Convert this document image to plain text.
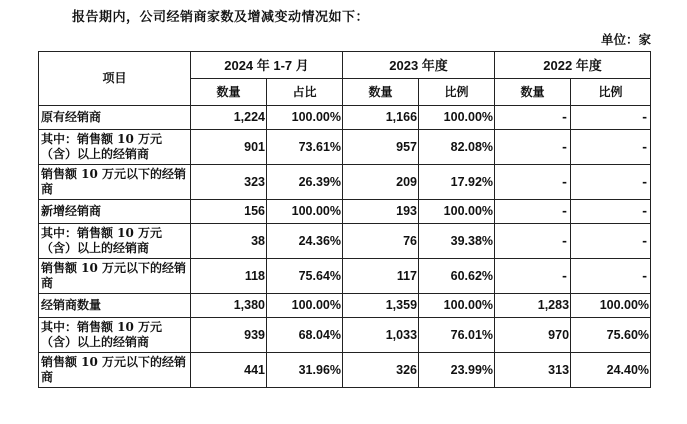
报告期内，公司经销商家数及增减变动情况如下：
单位：家
项目	2024 年 1-7 月		2023 年度		2022 年度	
	数量	占比	数量	比例	数量	比例
原有经销商	1,224	100.00%	1,166	100.00%	-	-
其中：销售额 10 万元（含）以上的经销商	901	73.61%	957	82.08%	-	-
销售额 10 万元以下的经销商	323	26.39%	209	17.92%	-	-
新增经销商	156	100.00%	193	100.00%	-	-
其中：销售额 10 万元（含）以上的经销商	38	24.36%	76	39.38%	-	-
销售额 10 万元以下的经销商	118	75.64%	117	60.62%	-	-
经销商数量	1,380	100.00%	1,359	100.00%	1,283	100.00%
其中：销售额 10 万元（含）以上的经销商	939	68.04%	1,033	76.01%	970	75.60%
销售额 10 万元以下的经销商	441	31.96%	326	23.99%	313	24.40%
